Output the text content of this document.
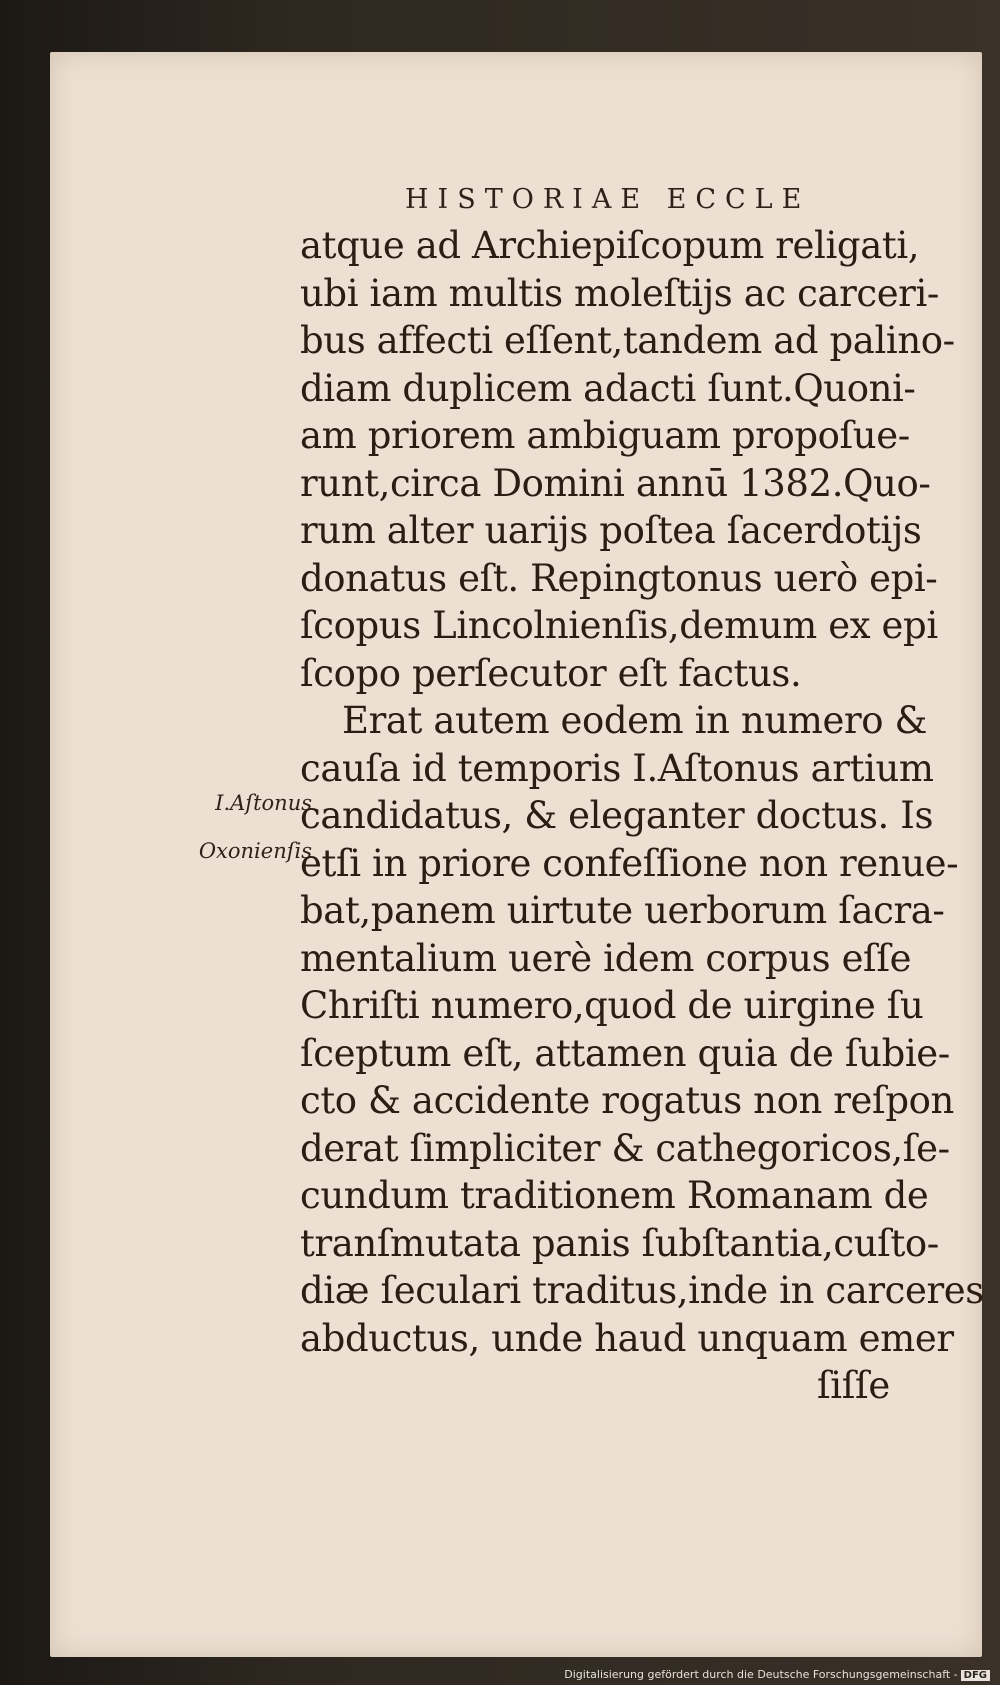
HISTORIAE ECCLE

I.Aſtonus
Oxonienſis
atque ad Archiepiſcopum religati,
ubi iam multis moleſtijs ac carceri-
bus affecti eſſent,tandem ad palino-
diam duplicem adacti ſunt.Quoni-
am priorem ambiguam propoſue-
runt,circa Domini annū 1382.Quo-
rum alter uarijs poſtea ſacerdotijs
donatus eſt. Repingtonus uerò epi-
ſcopus Lincolnienſis,demum ex epi
ſcopo perſecutor eſt factus.
Erat autem eodem in numero &
cauſa id temporis I.Aſtonus artium
candidatus, & eleganter doctus. Is
etſi in priore confeſſione non renue-
bat,panem uirtute uerborum ſacra-
mentalium uerè idem corpus eſſe
Chriſti numero,quod de uirgine ſu
ſceptum eſt, attamen quia de ſubie-
cto & accidente rogatus non reſpon
derat ſimpliciter & cathegoricos,ſe-
cundum traditionem Romanam de
tranſmutata panis ſubſtantia,cuſto-
diæ ſeculari traditus,inde in carceres
abductus, unde haud unquam emer
ſiſſe
Digitalisierung gefördert durch die Deutsche Forschungsgemeinschaft - DFG
